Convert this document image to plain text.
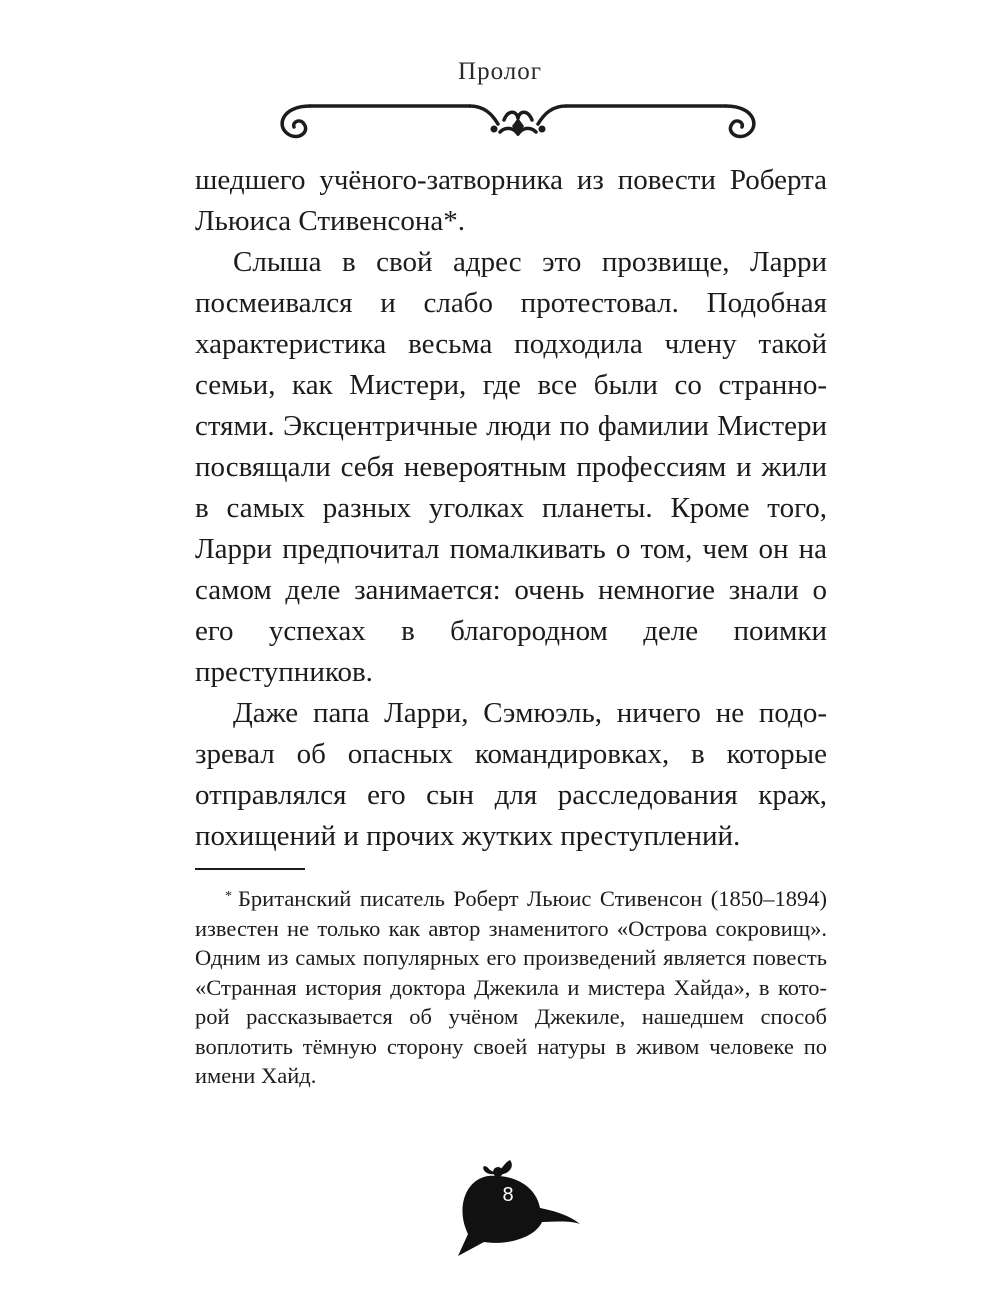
Пролог

шедшего учёного-затворника из повести Роберта Льюиса Стивенсона*.

Слыша в свой адрес это прозвище, Ларри посмеивался и слабо протестовал. Подобная характеристика весьма подходила члену такой семьи, как Мистери, где все были со странностями. Эксцентричные люди по фамилии Мистери посвящали себя невероятным профессиям и жили в самых разных уголках планеты. Кроме того, Ларри предпочитал помалкивать о том, чем он на самом деле занимается: очень немногие знали о его успехах в благородном деле поимки преступников.

Даже папа Ларри, Сэмюэль, ничего не подозревал об опасных командировках, в которые отправлялся его сын для расследования краж, похищений и прочих жутких преступлений.

* Британский писатель Роберт Льюис Стивенсон (1850–1894) известен не только как автор знаменитого «Острова сокровищ». Одним из самых популярных его произведений является повесть «Странная история доктора Джекила и мистера Хайда», в которой рассказывается об учёном Джекиле, нашедшем способ воплотить тёмную сторону своей натуры в живом человеке по имени Хайд.

8
